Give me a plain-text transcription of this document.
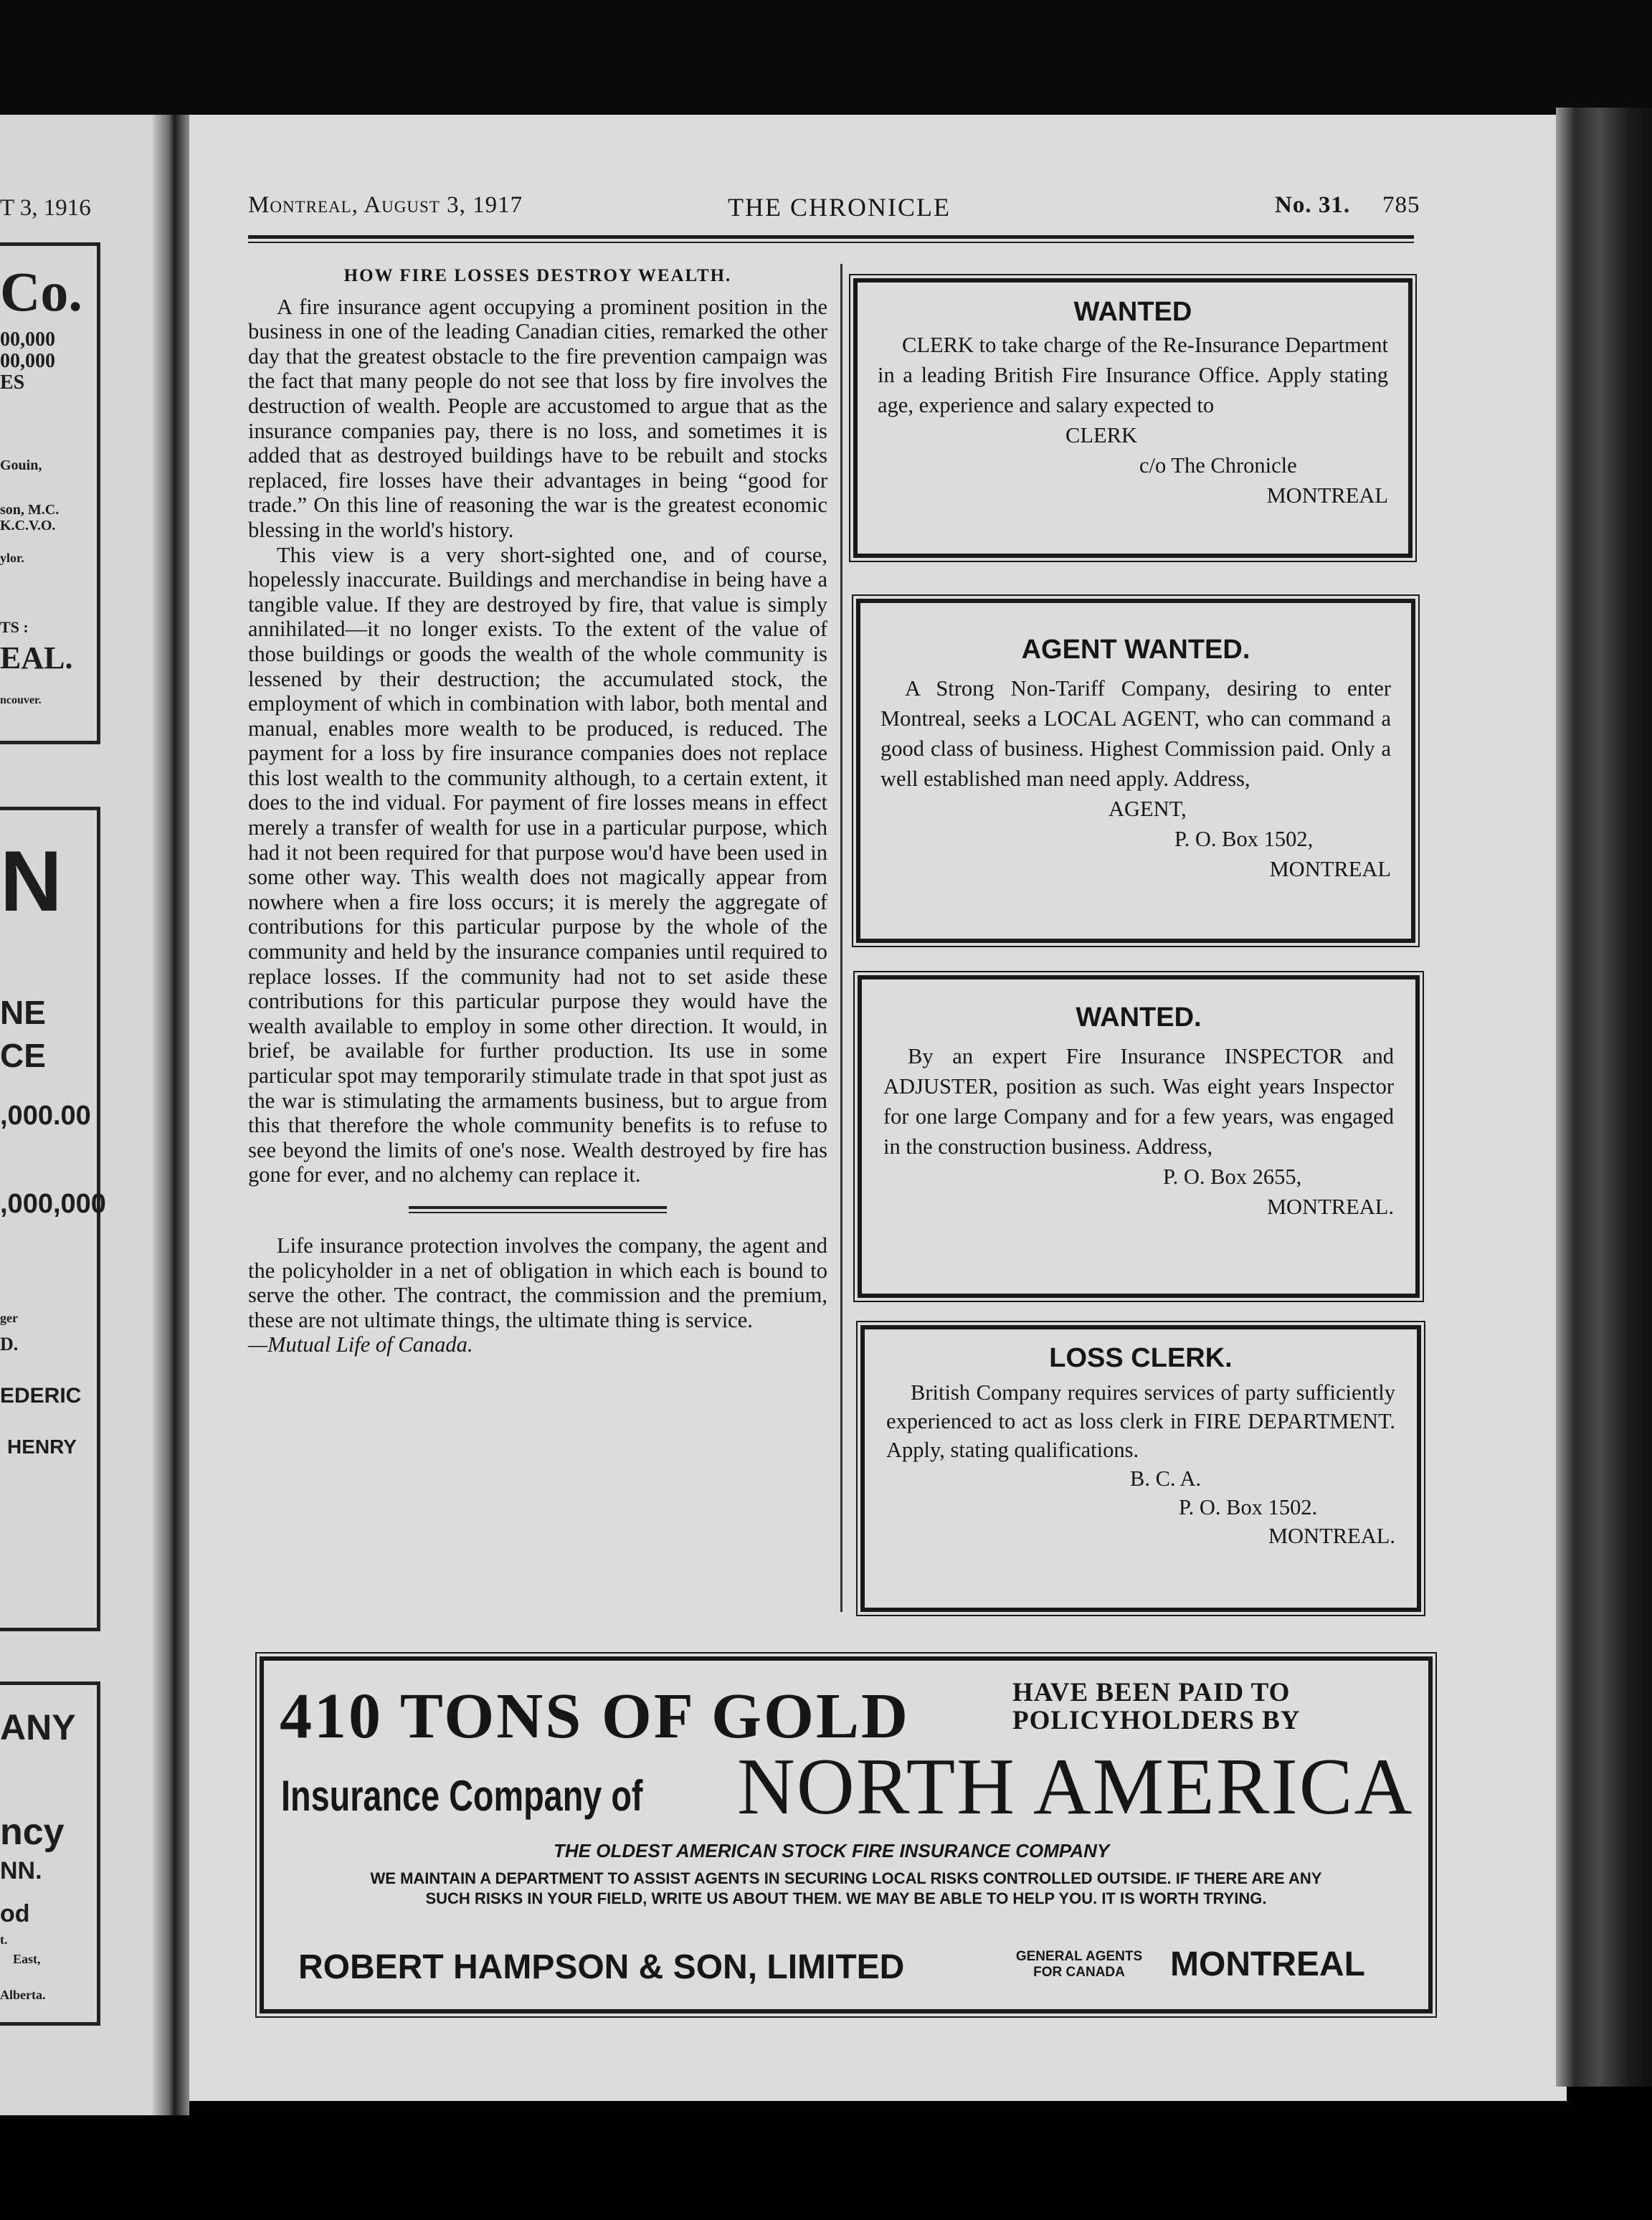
T 3, 1916
Co.
00,000
00,000
ES
Gouin,
son, M.C.
K.C.V.O.
ylor.
TS :
EAL.
ncouver.
N
NE
CE
,000.00
,000,000
ger
D.
EDERIC
HENRY
ANY
ncy
NN.
od
t.
East,
Alberta.
Montreal, August 3, 1917	THE CHRONICLE	No. 31. 785
HOW FIRE LOSSES DESTROY WEALTH.

A fire insurance agent occupying a prominent position in the business in one of the leading Canadian cities, remarked the other day that the greatest obstacle to the fire prevention campaign was the fact that many people do not see that loss by fire involves the destruction of wealth. People are accustomed to argue that as the insurance companies pay, there is no loss, and sometimes it is added that as destroyed buildings have to be rebuilt and stocks replaced, fire losses have their advantages in being “good for trade.” On this line of reasoning the war is the greatest economic blessing in the world's history.

This view is a very short-sighted one, and of course, hopelessly inaccurate. Buildings and merchandise in being have a tangible value. If they are destroyed by fire, that value is simply annihilated—it no longer exists. To the extent of the value of those buildings or goods the wealth of the whole community is lessened by their destruction; the accumulated stock, the employment of which in combination with labor, both mental and manual, enables more wealth to be produced, is reduced. The payment for a loss by fire insurance companies does not replace this lost wealth to the community although, to a certain extent, it does to the ind vidual. For payment of fire losses means in effect merely a transfer of wealth for use in a particular purpose, which had it not been required for that purpose wou'd have been used in some other way. This wealth does not magically appear from nowhere when a fire loss occurs; it is merely the aggregate of contributions for this particular purpose by the whole of the community and held by the insurance companies until required to replace losses. If the community had not to set aside these contributions for this particular purpose they would have the wealth available to employ in some other direction. It would, in brief, be available for further production. Its use in some particular spot may temporarily stimulate trade in that spot just as the war is stimulating the armaments business, but to argue from this that therefore the whole community benefits is to refuse to see beyond the limits of one's nose. Wealth destroyed by fire has gone for ever, and no alchemy can replace it.

Life insurance protection involves the company, the agent and the policyholder in a net of obligation in which each is bound to serve the other. The contract, the commission and the premium, these are not ultimate things, the ultimate thing is service.

—Mutual Life of Canada.
WANTED
CLERK to take charge of the Re-Insurance Department in a leading British Fire Insurance Office. Apply stating age, experience and salary expected to
CLERK
c/o The Chronicle
MONTREAL
AGENT WANTED.
A Strong Non-Tariff Company, desiring to enter Montreal, seeks a LOCAL AGENT, who can command a good class of business. Highest Commission paid. Only a well established man need apply. Address,
AGENT,
P. O. Box 1502,
MONTREAL
WANTED.
By an expert Fire Insurance INSPECTOR and ADJUSTER, position as such. Was eight years Inspector for one large Company and for a few years, was engaged in the construction business. Address,
P. O. Box 2655,
MONTREAL.
LOSS CLERK.
British Company requires services of party sufficiently experienced to act as loss clerk in FIRE DEPARTMENT. Apply, stating qualifications.
B. C. A.
P. O. Box 1502.
MONTREAL.
410 TONS OF GOLD	HAVE BEEN PAID TO
POLICYHOLDERS BY
Insurance Company of NORTH AMERICA
THE OLDEST AMERICAN STOCK FIRE INSURANCE COMPANY
WE MAINTAIN A DEPARTMENT TO ASSIST AGENTS IN SECURING LOCAL RISKS CONTROLLED OUTSIDE. IF THERE ARE ANY
SUCH RISKS IN YOUR FIELD, WRITE US ABOUT THEM. WE MAY BE ABLE TO HELP YOU. IT IS WORTH TRYING.
ROBERT HAMPSON & SON, LIMITED	GENERAL AGENTS
FOR CANADA	MONTREAL
